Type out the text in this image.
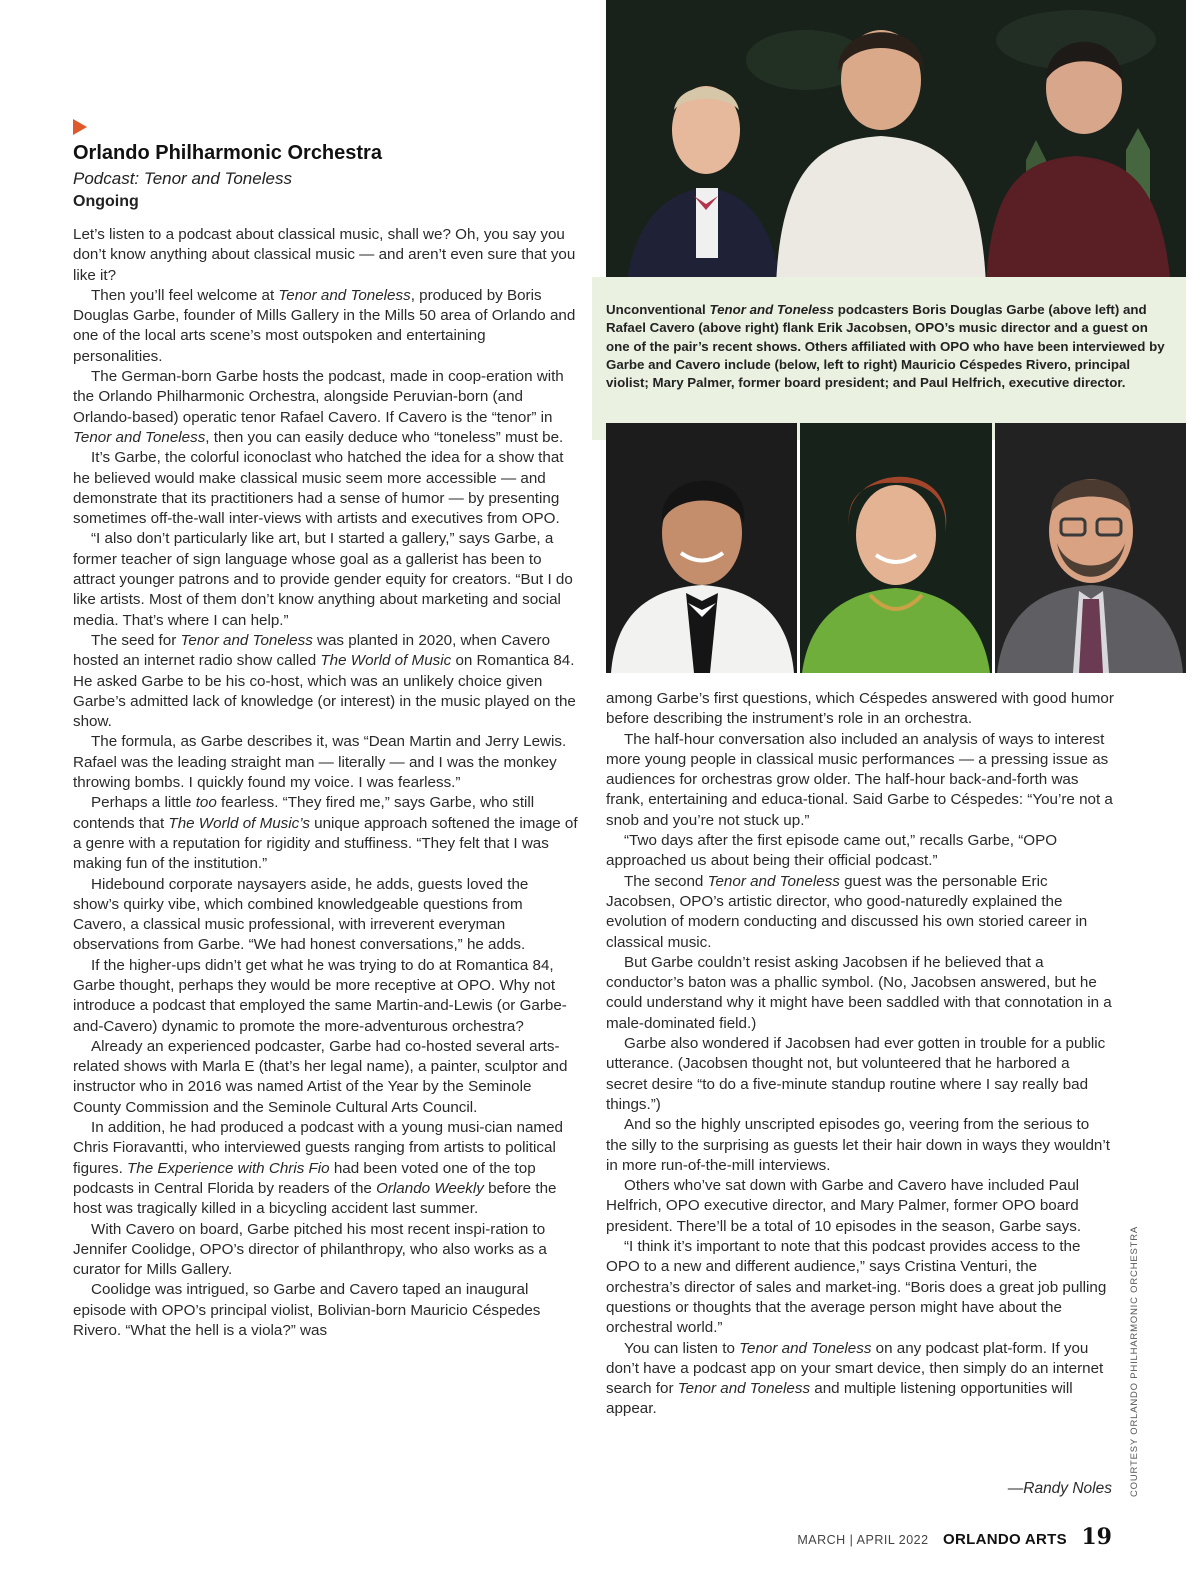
Orlando Philharmonic Orchestra
Podcast: Tenor and Toneless
Ongoing

Let’s listen to a podcast about classical music, shall we? Oh, you say you don’t know anything about classical music — and aren’t even sure that you like it?

Then you’ll feel welcome at Tenor and Toneless, produced by Boris Douglas Garbe, founder of Mills Gallery in the Mills 50 area of Orlando and one of the local arts scene’s most outspoken and entertaining personalities.

The German-born Garbe hosts the podcast, made in coop-eration with the Orlando Philharmonic Orchestra, alongside Peruvian-born (and Orlando-based) operatic tenor Rafael Cavero. If Cavero is the “tenor” in Tenor and Toneless, then you can easily deduce who “toneless” must be.

It’s Garbe, the colorful iconoclast who hatched the idea for a show that he believed would make classical music seem more accessible — and demonstrate that its practitioners had a sense of humor — by presenting sometimes off-the-wall inter-views with artists and executives from OPO.

“I also don’t particularly like art, but I started a gallery,” says Garbe, a former teacher of sign language whose goal as a gallerist has been to attract younger patrons and to provide gender equity for creators. “But I do like artists. Most of them don’t know anything about marketing and social media. That’s where I can help.”

The seed for Tenor and Toneless was planted in 2020, when Cavero hosted an internet radio show called The World of Music on Romantica 84. He asked Garbe to be his co-host, which was an unlikely choice given Garbe’s admitted lack of knowledge (or interest) in the music played on the show.

The formula, as Garbe describes it, was “Dean Martin and Jerry Lewis. Rafael was the leading straight man — literally — and I was the monkey throwing bombs. I quickly found my voice. I was fearless.”

Perhaps a little too fearless. “They fired me,” says Garbe, who still contends that The World of Music’s unique approach softened the image of a genre with a reputation for rigidity and stuffiness. “They felt that I was making fun of the institution.”

Hidebound corporate naysayers aside, he adds, guests loved the show’s quirky vibe, which combined knowledgeable questions from Cavero, a classical music professional, with irreverent everyman observations from Garbe. “We had honest conversations,” he adds.

If the higher-ups didn’t get what he was trying to do at Romantica 84, Garbe thought, perhaps they would be more receptive at OPO. Why not introduce a podcast that employed the same Martin-and-Lewis (or Garbe-and-Cavero) dynamic to promote the more-adventurous orchestra?

Already an experienced podcaster, Garbe had co-hosted several arts-related shows with Marla E (that’s her legal name), a painter, sculptor and instructor who in 2016 was named Artist of the Year by the Seminole County Commission and the Seminole Cultural Arts Council.

In addition, he had produced a podcast with a young musi-cian named Chris Fioravantti, who interviewed guests ranging from artists to political figures. The Experience with Chris Fio had been voted one of the top podcasts in Central Florida by readers of the Orlando Weekly before the host was tragically killed in a bicycling accident last summer.

With Cavero on board, Garbe pitched his most recent inspi-ration to Jennifer Coolidge, OPO’s director of philanthropy, who also works as a curator for Mills Gallery.

Coolidge was intrigued, so Garbe and Cavero taped an inaugural episode with OPO’s principal violist, Bolivian-born Mauricio Céspedes Rivero. “What the hell is a viola?” was

among Garbe’s first questions, which Céspedes answered with good humor before describing the instrument’s role in an orchestra.

The half-hour conversation also included an analysis of ways to interest more young people in classical music performances — a pressing issue as audiences for orchestras grow older. The half-hour back-and-forth was frank, entertaining and educa-tional. Said Garbe to Céspedes: “You’re not a snob and you’re not stuck up.”

“Two days after the first episode came out,” recalls Garbe, “OPO approached us about being their official podcast.”

The second Tenor and Toneless guest was the personable Eric Jacobsen, OPO’s artistic director, who good-naturedly explained the evolution of modern conducting and discussed his own storied career in classical music.

But Garbe couldn’t resist asking Jacobsen if he believed that a conductor’s baton was a phallic symbol. (No, Jacobsen answered, but he could understand why it might have been saddled with that connotation in a male-dominated field.)

Garbe also wondered if Jacobsen had ever gotten in trouble for a public utterance. (Jacobsen thought not, but volunteered that he harbored a secret desire “to do a five-minute standup routine where I say really bad things.”)

And so the highly unscripted episodes go, veering from the serious to the silly to the surprising as guests let their hair down in ways they wouldn’t in more run-of-the-mill interviews.

Others who’ve sat down with Garbe and Cavero have included Paul Helfrich, OPO executive director, and Mary Palmer, former OPO board president. There’ll be a total of 10 episodes in the season, Garbe says.

“I think it’s important to note that this podcast provides access to the OPO to a new and different audience,” says Cristina Venturi, the orchestra’s director of sales and market-ing. “Boris does a great job pulling questions or thoughts that the average person might have about the orchestral world.”

You can listen to Tenor and Toneless on any podcast plat-form. If you don’t have a podcast app on your smart device, then simply do an internet search for Tenor and Toneless and multiple listening opportunities will appear.

Unconventional Tenor and Toneless podcasters Boris Douglas Garbe (above left) and Rafael Cavero (above right) flank Erik Jacobsen, OPO’s music director and a guest on one of the pair’s recent shows. Others affiliated with OPO who have been interviewed by Garbe and Cavero include (below, left to right) Mauricio Céspedes Rivero, principal violist; Mary Palmer, former board president; and Paul Helfrich, executive director.
—Randy Noles COURTESY ORLANDO PHILHARMONIC ORCHESTRA
MARCH | APRIL 2022 ORLANDO ARTS 19
